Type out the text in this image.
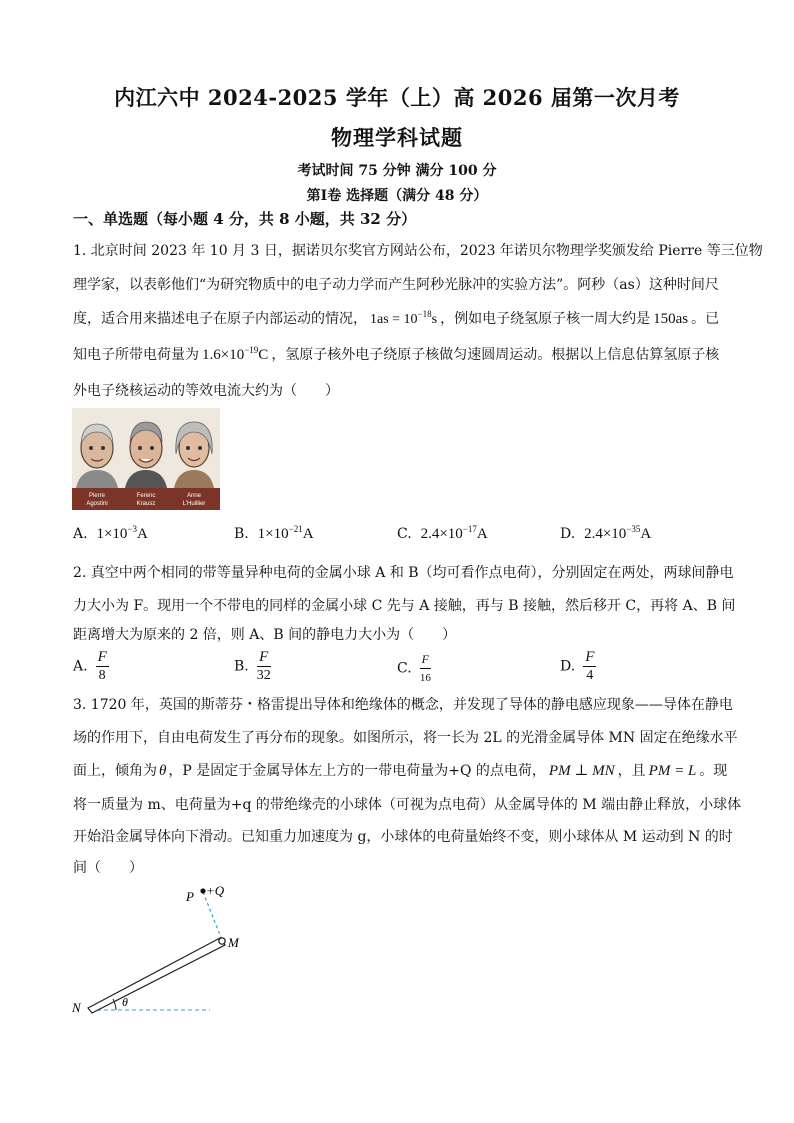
内江六中 2024-2025 学年（上）高 2026 届第一次月考
物理学科试题
考试时间 75 分钟 满分 100 分
第Ⅰ卷 选择题（满分 48 分）
一、单选题（每小题 4 分，共 8 小题，共 32 分）
1. 北京时间 2023 年 10 月 3 日，据诺贝尔奖官方网站公布，2023 年诺贝尔物理学奖颁发给 Pierre 等三位物
理学家，以表彰他们“为研究物质中的电子动力学而产生阿秒光脉冲的实验方法”。阿秒（as）这种时间尺
度，适合用来描述电子在原子内部运动的情况， $1as = 10^{-18}s$ ，例如电子绕氢原子核一周大约是 150as 。已
知电子所带电荷量为 $1.6\times 10^{-19}C$ ，氢原子核外电子绕原子核做匀速圆周运动。根据以上信息估算氢原子核
外电子绕核运动的等效电流大约为（　　）
Pierre
Agostini
Ferenc
Krausz
Anne
L'Huillier
A. $1\times 10^{-3}A$	B. $1\times 10^{-21}A$	C. $2.4\times 10^{-17}A$	D. $2.4\times 10^{-35}A$
2. 真空中两个相同的带等量异种电荷的金属小球 A 和 B（均可看作点电荷），分别固定在两处，两球间静电
力大小为 F。现用一个不带电的同样的金属小球 C 先与 A 接触，再与 B 接触，然后移开 C，再将 A、B 间
距离增大为原来的 2 倍，则 A、B 间的静电力大小为（　　）
A. $\frac{F}{8}$	B. $\frac{F}{32}$	C. $\frac{F}{16}$	D. $\frac{F}{4}$
3. 1720 年，英国的斯蒂芬・格雷提出导体和绝缘体的概念，并发现了导体的静电感应现象——导体在静电
场的作用下，自由电荷发生了再分布的现象。如图所示，将一长为 2L 的光滑金属导体 MN 固定在绝缘水平
面上，倾角为 θ ，P 是固定于金属导体左上方的一带电荷量为+Q 的点电荷， PM ⊥ MN ，且 PM = L 。现
将一质量为 m、电荷量为+q 的带绝缘壳的小球体（可视为点电荷）从金属导体的 M 端由静止释放，小球体
开始沿金属导体向下滑动。已知重力加速度为 g，小球体的电荷量始终不变，则小球体从 M 运动到 N 的时
间（　　）
P +Q
M
N	θ
